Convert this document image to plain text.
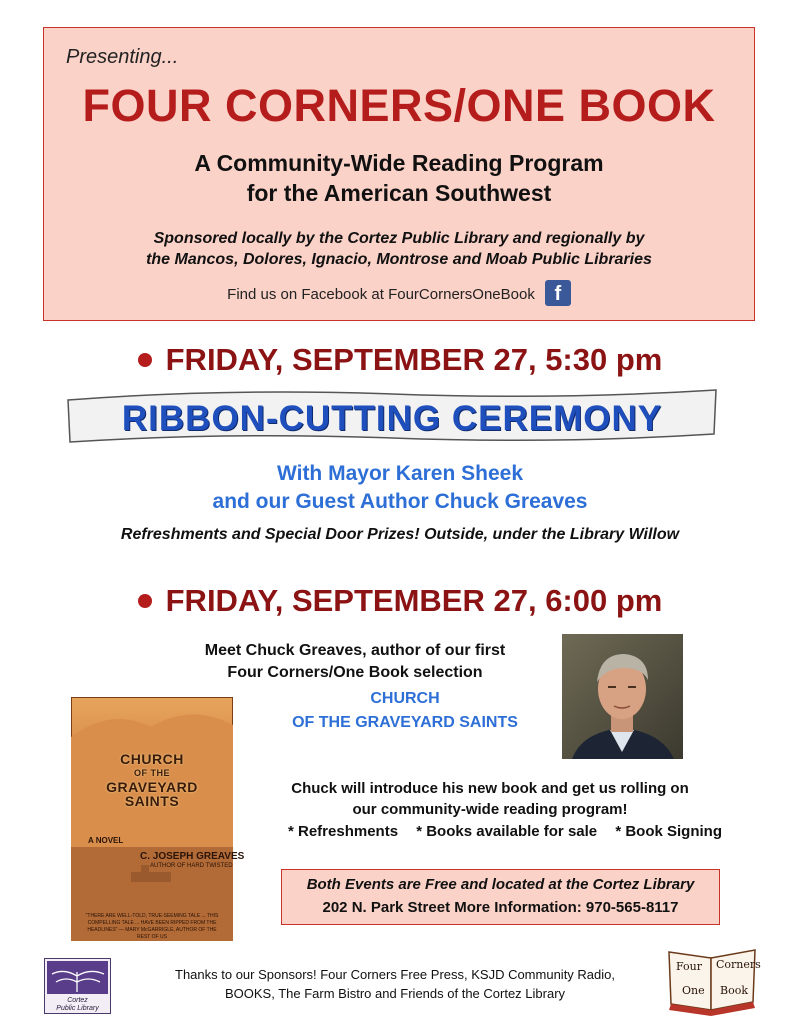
Presenting...
FOUR CORNERS/ONE BOOK
A Community-Wide Reading Program
for the American Southwest
Sponsored locally by the Cortez Public Library and regionally by
the Mancos, Dolores, Ignacio, Montrose and Moab Public Libraries
Find us on Facebook at FourCornersOneBook f
FRIDAY, SEPTEMBER 27, 5:30 pm
RIBBON-CUTTING CEREMONY
With Mayor Karen Sheek
and our Guest Author Chuck Greaves
Refreshments and Special Door Prizes! Outside, under the Library Willow
FRIDAY, SEPTEMBER 27, 6:00 pm
Meet Chuck Greaves, author of our first
Four Corners/One Book selection
CHURCH
OF THE GRAVEYARD SAINTS
CHURCH
OF THE
GRAVEYARD
SAINTS
A NOVEL
C. JOSEPH GREAVES
AUTHOR OF HARD TWISTED
"THERE ARE WELL-TOLD, TRUE-SEEMING TALE ... THIS COMPELLING TALE ... HAVE BEEN RIPPED FROM THE HEADLINES" — MARY McGARRIGLE, AUTHOR OF THE REST OF US
Chuck will introduce his new book and get us rolling on
our community-wide reading program!
* Refreshments * Books available for sale * Book Signing
Both Events are Free and located at the Cortez Library
202 N. Park Street More Information: 970-565-8117
Cortez
Public Library
Thanks to our Sponsors! Four Corners Free Press, KSJD Community Radio,
BOOKS, The Farm Bistro and Friends of the Cortez Library
Four Corners
One Book
